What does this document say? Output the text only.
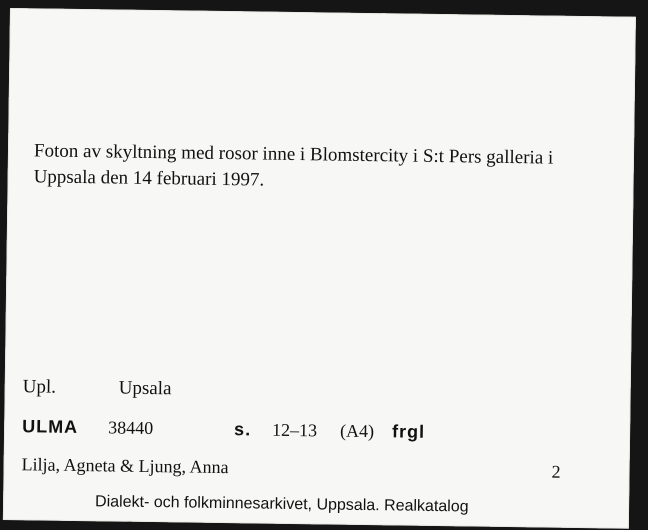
Foton av skyltning med rosor inne i Blomstercity i S:t Pers galleria i Uppsala den 14 februari 1997.
Upl.	Upsala
ULMA 38440	s. 12–13 (A4) frgl
Lilja, Agneta & Ljung, Anna	2
Dialekt- och folkminnesarkivet, Uppsala. Realkatalog
